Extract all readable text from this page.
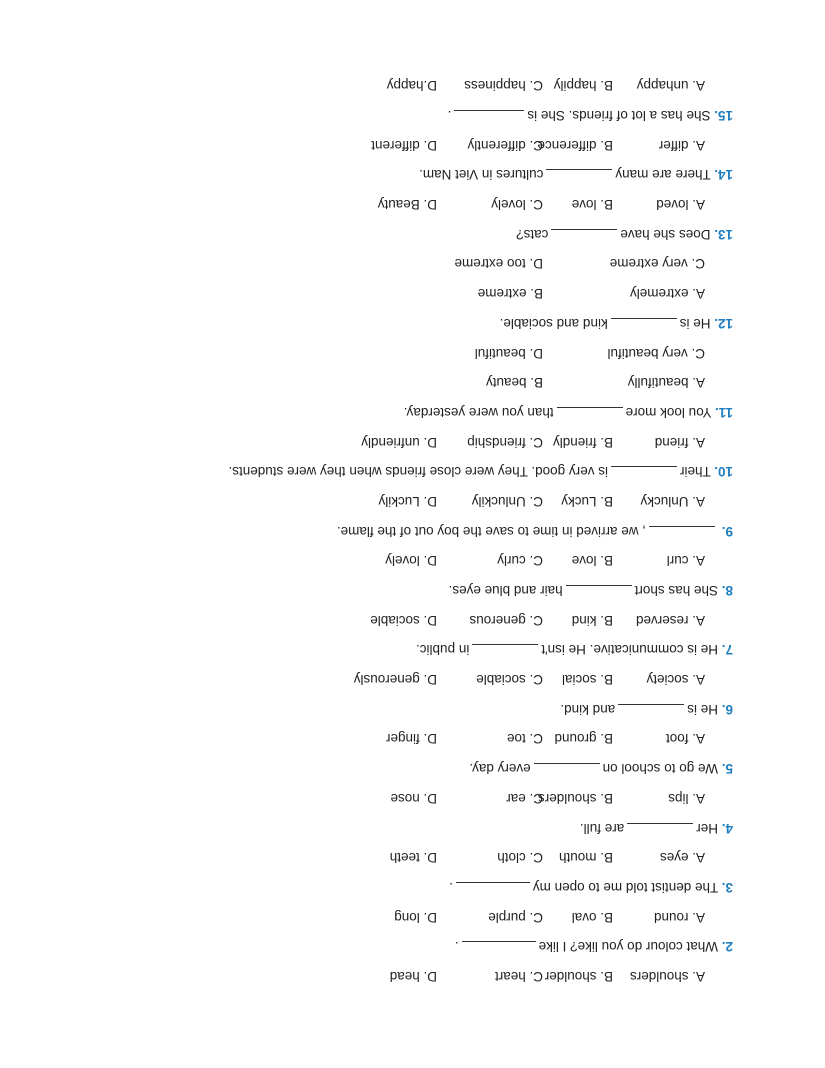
A. shoulders
B. shoulder
C. heart
D. head
2. What colour do you like? I like.
A. round
B. oval
C. purple
D. long
3. The dentist told me to open my.
A. eyes
B. mouth
C. cloth
D. teeth
4. Herare full.
A. lips
B. shoulders
C. ear
D. nose
5. We go to school onevery day.
A. foot
B. ground
C. toe
D. finger
6. He isand kind.
A. society
B. social
C. sociable
D. generously
7. He is communicative. He isn'tin public.
A. reserved
B. kind
C. generous
D. sociable
8. She has shorthair and blue eyes.
A. curl
B. love
C. curly
D. lovely
9. , we arrived in time to save the boy out of the flame.
A. Unlucky
B. Lucky
C. Unluckily
D. Luckily
10. Theiris very good. They were close friends when they were students.
A. friend
B. friendly
C. friendship
D. unfriendly
11. You look morethan you were yesterday.
A. beautifully
B. beauty
C. very beautiful
D. beautiful
12. He iskind and sociable.
A. extremely
B. extreme
C. very extreme
D. too extreme
13. Does she havecats?
A. loved
B. love
C. lovely
D. Beauty
14. There are manycultures in Viet Nam.
A. differ
B. difference
C. differently
D. different
15. She has a lot of friends. She is.
A. unhappy
B. happily
C. happiness
D.happy
